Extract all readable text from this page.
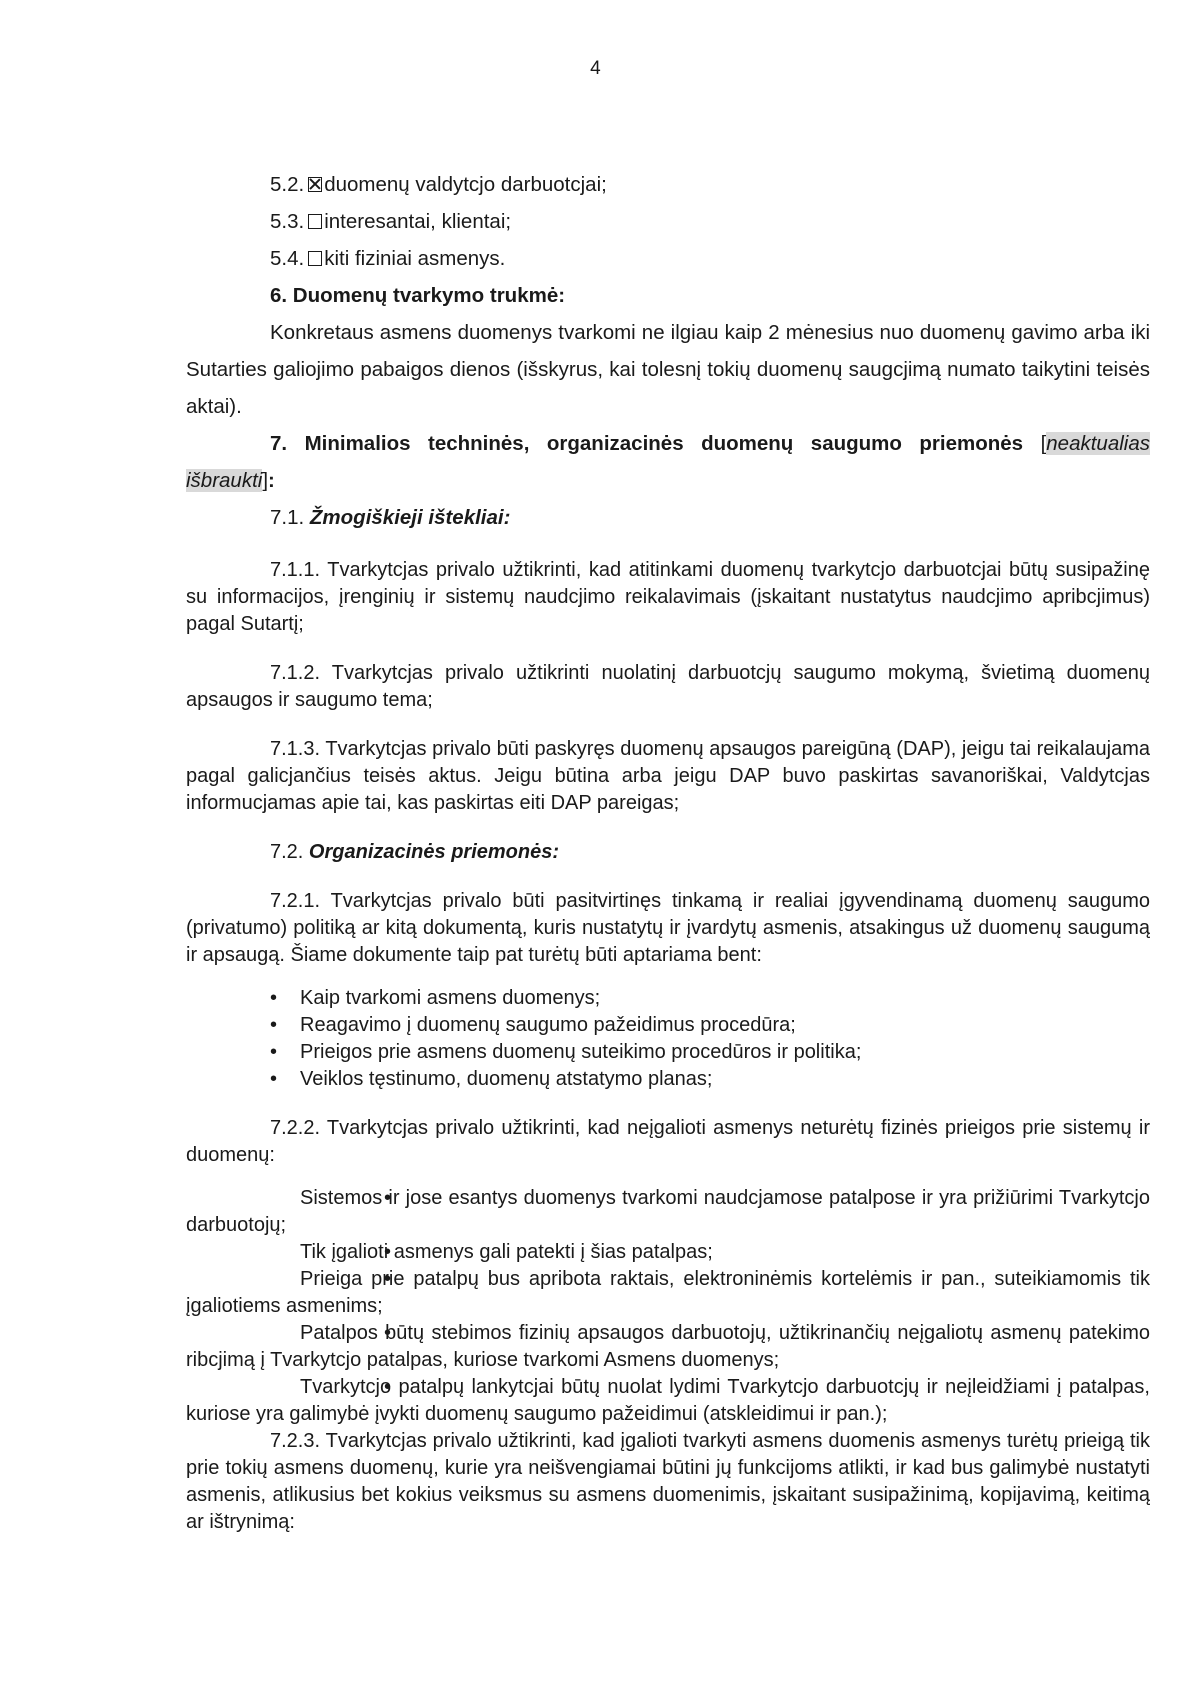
4

5.2. duomenų valdytcjo darbuotcjai;

5.3. interesantai, klientai;

5.4. kiti fiziniai asmenys.

6. Duomenų tvarkymo trukmė:

Konkretaus asmens duomenys tvarkomi ne ilgiau kaip 2 mėnesius nuo duomenų gavimo arba iki Sutarties galiojimo pabaigos dienos (išskyrus, kai tolesnį tokių duomenų saugcjimą numato taikytini teisės aktai).

7. Minimalios techninės, organizacinės duomenų saugumo priemonės [neaktualias išbraukti]:

7.1. Žmogiškieji ištekliai:

7.1.1. Tvarkytcjas privalo užtikrinti, kad atitinkami duomenų tvarkytcjo darbuotcjai būtų susipažinę su informacijos, įrenginių ir sistemų naudcjimo reikalavimais (įskaitant nustatytus naudcjimo apribcjimus) pagal Sutartį;

7.1.2. Tvarkytcjas privalo užtikrinti nuolatinį darbuotcjų saugumo mokymą, švietimą duomenų apsaugos ir saugumo tema;

7.1.3. Tvarkytcjas privalo būti paskyręs duomenų apsaugos pareigūną (DAP), jeigu tai reikalaujama pagal galicjančius teisės aktus. Jeigu būtina arba jeigu DAP buvo paskirtas savanoriškai, Valdytcjas informucjamas apie tai, kas paskirtas eiti DAP pareigas;

7.2. Organizacinės priemonės:

7.2.1. Tvarkytcjas privalo būti pasitvirtinęs tinkamą ir realiai įgyvendinamą duomenų saugumo (privatumo) politiką ar kitą dokumentą, kuris nustatytų ir įvardytų asmenis, atsakingus už duomenų saugumą ir apsaugą. Šiame dokumente taip pat turėtų būti aptariama bent:

• Kaip tvarkomi asmens duomenys;
• Reagavimo į duomenų saugumo pažeidimus procedūra;
• Prieigos prie asmens duomenų suteikimo procedūros ir politika;
• Veiklos tęstinumo, duomenų atstatymo planas;

7.2.2. Tvarkytcjas privalo užtikrinti, kad neįgalioti asmenys neturėtų fizinės prieigos prie sistemų ir duomenų:

• Sistemos ir jose esantys duomenys tvarkomi naudcjamose patalpose ir yra prižiūrimi Tvarkytcjo darbuotojų;
• Tik įgalioti asmenys gali patekti į šias patalpas;
• Prieiga prie patalpų bus apribota raktais, elektroninėmis kortelėmis ir pan., suteikiamomis tik įgaliotiems asmenims;
• Patalpos būtų stebimos fizinių apsaugos darbuotojų, užtikrinančių neįgaliotų asmenų patekimo ribcjimą į Tvarkytcjo patalpas, kuriose tvarkomi Asmens duomenys;
• Tvarkytcjo patalpų lankytcjai būtų nuolat lydimi Tvarkytcjo darbuotcjų ir neįleidžiami į patalpas, kuriose yra galimybė įvykti duomenų saugumo pažeidimui (atskleidimui ir pan.);

7.2.3. Tvarkytcjas privalo užtikrinti, kad įgalioti tvarkyti asmens duomenis asmenys turėtų prieigą tik prie tokių asmens duomenų, kurie yra neišvengiamai būtini jų funkcijoms atlikti, ir kad bus galimybė nustatyti asmenis, atlikusius bet kokius veiksmus su asmens duomenimis, įskaitant susipažinimą, kopijavimą, keitimą ar ištrynimą:
